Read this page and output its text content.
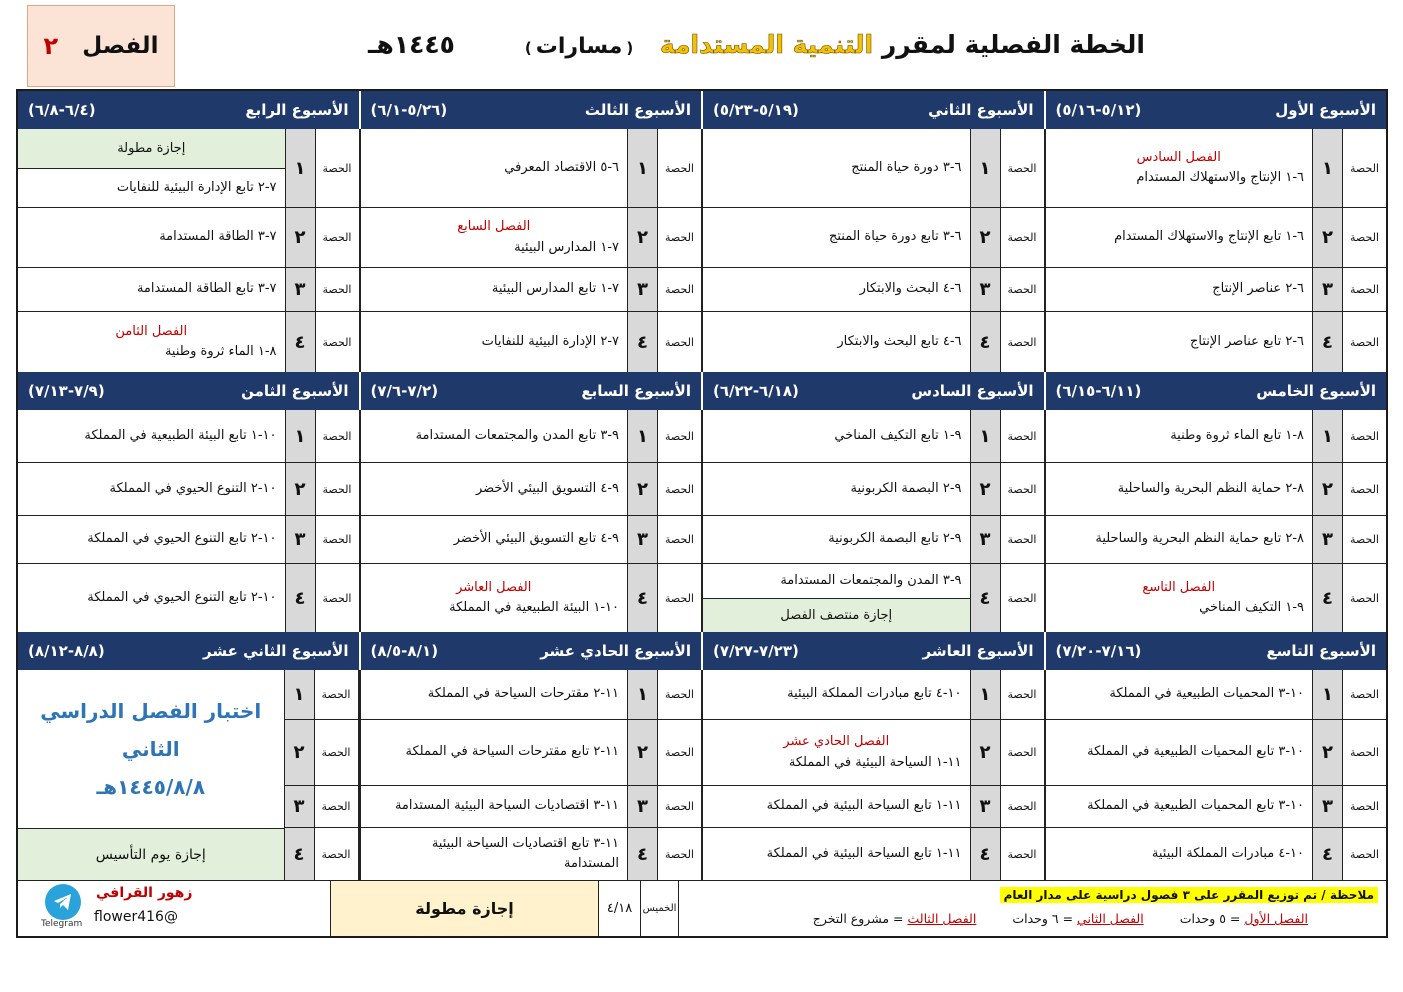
الفصل
٢	الخطة الفصلية لمقرر التنمية المستدامة (مسارات)
١٤٤٥هـ
الأسبوع الأول
(٥/١٢-٥/١٦)
الأسبوع الثاني
(٥/١٩-٥/٢٣)
الأسبوع الثالث
(٥/٢٦-٦/١)
الأسبوع الرابع
(٦/٤-٦/٨)
الحصة
١
الفصل السادس
٦-١ الإنتاج والاستهلاك المستدام
الحصة
٢
٦-١ تابع الإنتاج والاستهلاك المستدام
الحصة
٣
٦-٢ عناصر الإنتاج
الحصة
٤
٦-٢ تابع عناصر الإنتاج
الحصة
١
٦-٣ دورة حياة المنتج
الحصة
٢
٦-٣ تابع دورة حياة المنتج
الحصة
٣
٦-٤ البحث والابتكار
الحصة
٤
٦-٤ تابع البحث والابتكار
الحصة
١
٦-٥ الاقتصاد المعرفي
الحصة
٢
الفصل السابع
٧-١ المدارس البيئية
الحصة
٣
٧-١ تابع المدارس البيئية
الحصة
٤
٧-٢ الإدارة البيئية للنفايات
الحصة
١
إجازة مطولة
٧-٢ تابع الإدارة البيئية للنفايات
الحصة
٢
٧-٣ الطاقة المستدامة
الحصة
٣
٧-٣ تابع الطاقة المستدامة
الحصة
٤
الفصل الثامن
٨-١ الماء ثروة وطنية
الأسبوع الخامس
(٦/١١-٦/١٥)
الأسبوع السادس
(٦/١٨-٦/٢٢)
الأسبوع السابع
(٧/٢-٧/٦)
الأسبوع الثامن
(٧/٩-٧/١٣)
الحصة
١
٨-١ تابع الماء ثروة وطنية
الحصة
٢
٨-٢ حماية النظم البحرية والساحلية
الحصة
٣
٨-٢ تابع حماية النظم البحرية والساحلية
الحصة
٤
الفصل التاسع
٩-١ التكيف المناخي
الحصة
١
٩-١ تابع التكيف المناخي
الحصة
٢
٩-٢ البصمة الكربونية
الحصة
٣
٩-٢ تابع البصمة الكربونية
الحصة
٤
٩-٣ المدن والمجتمعات المستدامة
إجازة منتصف الفصل
الحصة
١
٩-٣ تابع المدن والمجتمعات المستدامة
الحصة
٢
٩-٤ التسويق البيئي الأخضر
الحصة
٣
٩-٤ تابع التسويق البيئي الأخضر
الحصة
٤
الفصل العاشر
١٠-١ البيئة الطبيعية في المملكة
الحصة
١
١٠-١ تابع البيئة الطبيعية في المملكة
الحصة
٢
١٠-٢ التنوع الحيوي في المملكة
الحصة
٣
١٠-٢ تابع التنوع الحيوي في المملكة
الحصة
٤
١٠-٢ تابع التنوع الحيوي في المملكة
الأسبوع التاسع
(٧/١٦-٧/٢٠)
الأسبوع العاشر
(٧/٢٣-٧/٢٧)
الأسبوع الحادي عشر
(٨/١-٨/٥)
الأسبوع الثاني عشر
(٨/٨-٨/١٢)
الحصة
١
١٠-٣ المحميات الطبيعية في المملكة
الحصة
٢
١٠-٣ تابع المحميات الطبيعية في المملكة
الحصة
٣
١٠-٣ تابع المحميات الطبيعية في المملكة
الحصة
٤
١٠-٤ مبادرات المملكة البيئية
الحصة
١
١٠-٤ تابع مبادرات المملكة البيئية
الحصة
٢
الفصل الحادي عشر
١١-١ السياحة البيئية في المملكة
الحصة
٣
١١-١ تابع السياحة البيئية في المملكة
الحصة
٤
١١-١ تابع السياحة البيئية في المملكة
الحصة
١
١١-٢ مقترحات السياحة في المملكة
الحصة
٢
١١-٢ تابع مقترحات السياحة في المملكة
الحصة
٣
١١-٣ اقتصاديات السياحة البيئية المستدامة
الحصة
٤
١١-٣ تابع اقتصاديات السياحة البيئية
المستدامة
الحصة
١
الحصة
٢
الحصة
٣
الحصة
٤
اختبار الفصل الدراسي
الثاني
١٤٤٥/٨/٨هـ
إجازة يوم التأسيس
ملاحظة / تم توزيع المقرر على ٣ فصول دراسية على مدار العام
الفصل الأول = ٥ وحداتالفصل الثاني = ٦ وحداتالفصل الثالث = مشروع التخرج
الخميس
٤/١٨
إجازة مطولة
Telegram
زهور القرافي
@flower416
